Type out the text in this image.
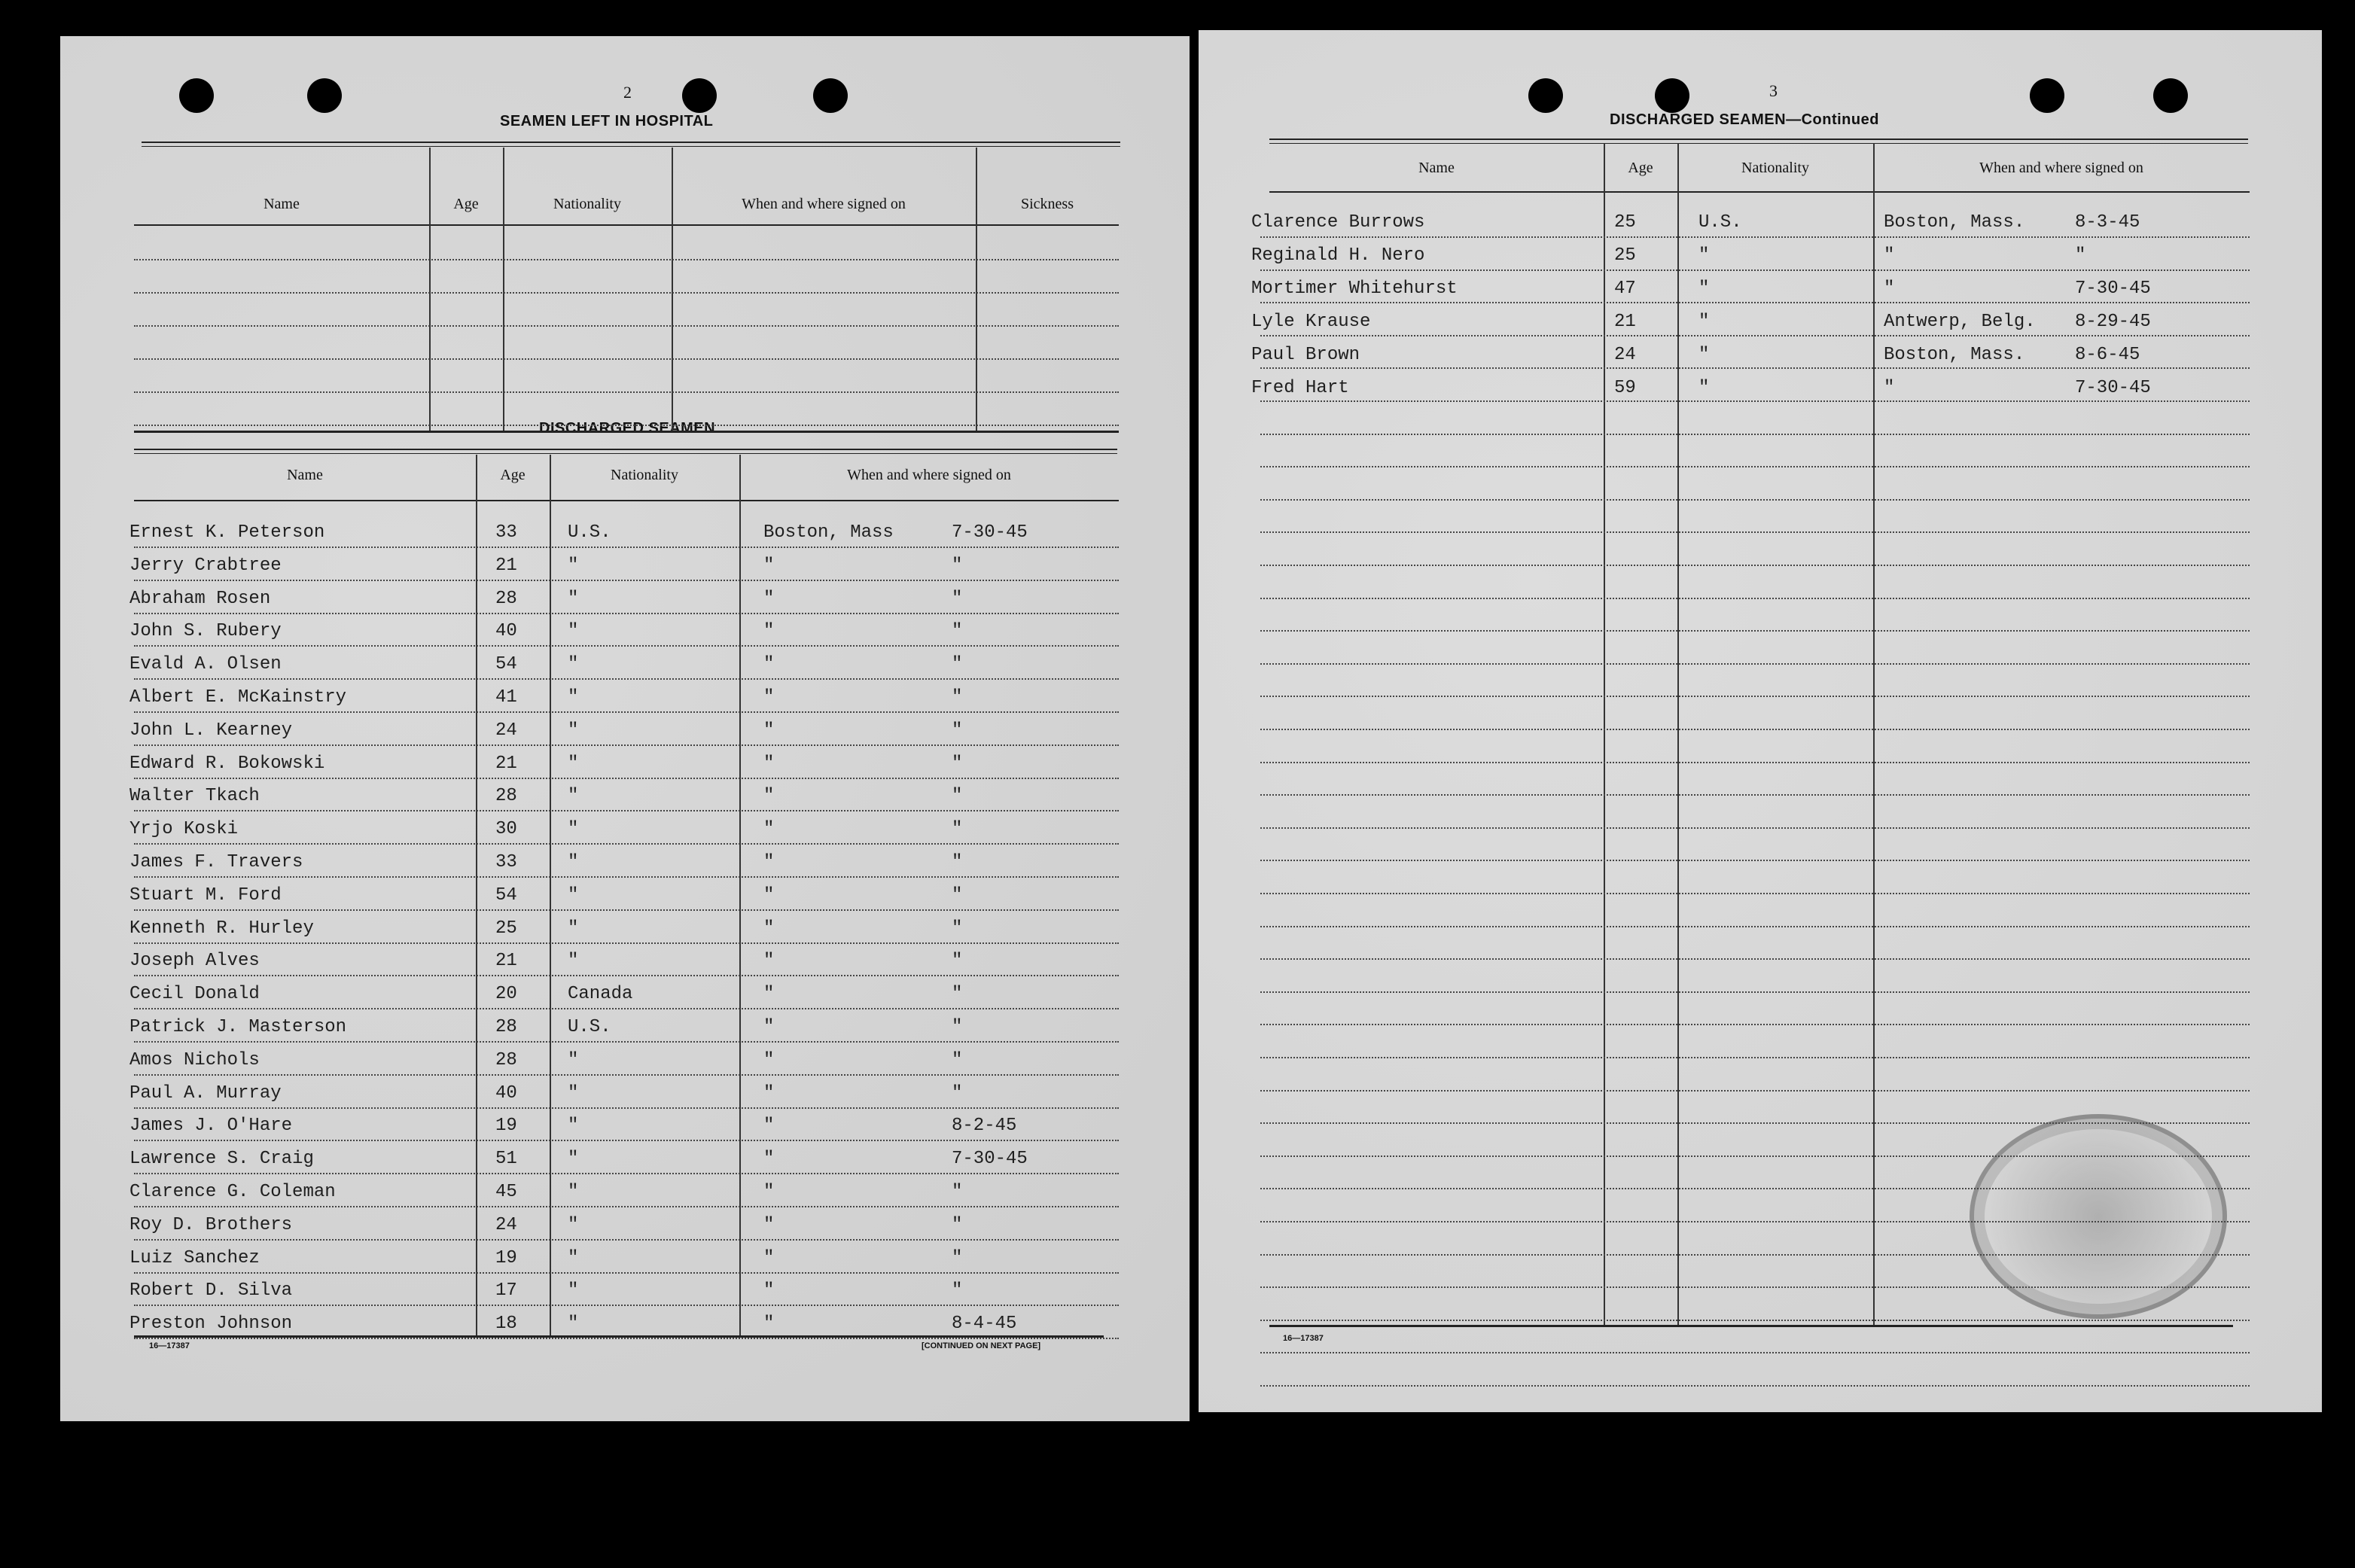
2
SEAMEN LEFT IN HOSPITAL
DISCHARGED SEAMEN
16—17387	[CONTINUED ON NEXT PAGE]
Name	Age	Nationality	When and where signed on	Sickness
Name	Age	Nationality	When and where signed on
Ernest K. Peterson	33	U.S.	Boston, Mass	7-30-45
Jerry Crabtree	21	"	"	"
Abraham Rosen	28	"	"	"
John S. Rubery	40	"	"	"
Evald A. Olsen	54	"	"	"
Albert E. McKainstry	41	"	"	"
John L. Kearney	24	"	"	"
Edward R. Bokowski	21	"	"	"
Walter Tkach	28	"	"	"
Yrjo Koski	30	"	"	"
James F. Travers	33	"	"	"
Stuart M. Ford	54	"	"	"
Kenneth R. Hurley	25	"	"	"
Joseph Alves	21	"	"	"
Cecil Donald	20	Canada	"	"
Patrick J. Masterson	28	U.S.	"	"
Amos Nichols	28	"	"	"
Paul A. Murray	40	"	"	"
James J. O'Hare	19	"	"	8-2-45
Lawrence S. Craig	51	"	"	7-30-45
Clarence G. Coleman	45	"	"	"
Roy D. Brothers	24	"	"	"
Luiz Sanchez	19	"	"	"
Robert D. Silva	17	"	"	"
Preston Johnson	18	"	"	8-4-45
3
DISCHARGED SEAMEN—Continued
16—17387
Name	Age	Nationality	When and where signed on
Clarence Burrows	25	U.S.	Boston, Mass.	8-3-45
Reginald H. Nero	25	"	"	"
Mortimer Whitehurst	47	"	"	7-30-45
Lyle Krause	21	"	Antwerp, Belg. 8-29-45
Paul Brown	24	"	Boston, Mass.	8-6-45
Fred Hart	59	"	"	7-30-45
